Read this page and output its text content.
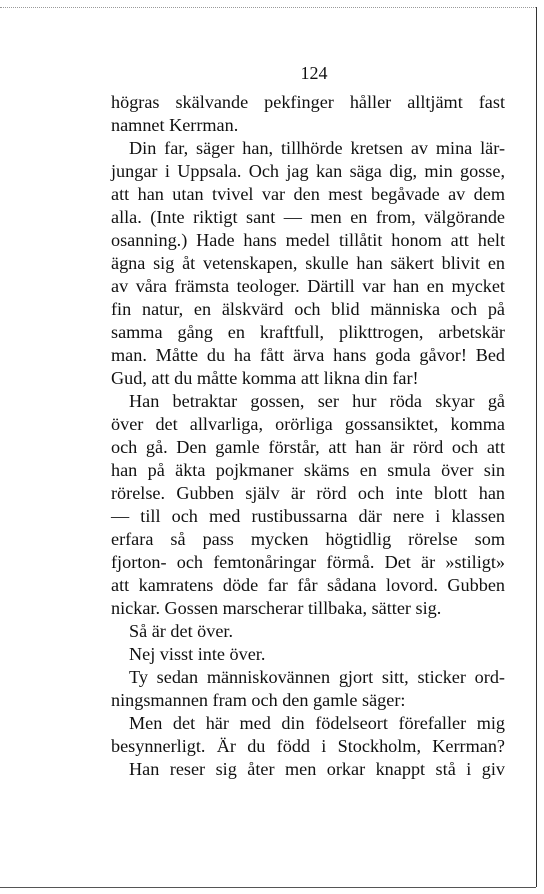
124
högras skälvande pekfinger håller alltjämt fast
namnet Kerrman.
Din far, säger han, tillhörde kretsen av mina lär-
jungar i Uppsala. Och jag kan säga dig, min gosse,
att han utan tvivel var den mest begåvade av dem
alla. (Inte riktigt sant — men en from, välgörande
osanning.) Hade hans medel tillåtit honom att helt
ägna sig åt vetenskapen, skulle han säkert blivit en
av våra främsta teologer. Därtill var han en mycket
fin natur, en älskvärd och blid människa och på
samma gång en kraftfull, plikttrogen, arbetskär
man. Måtte du ha fått ärva hans goda gåvor! Bed
Gud, att du måtte komma att likna din far!
Han betraktar gossen, ser hur röda skyar gå
över det allvarliga, orörliga gossansiktet, komma
och gå. Den gamle förstår, att han är rörd och att
han på äkta pojkmaner skäms en smula över sin
rörelse. Gubben själv är rörd och inte blott han
— till och med rustibussarna där nere i klassen
erfara så pass mycken högtidlig rörelse som
fjorton- och femtonåringar förmå. Det är »stiligt»
att kamratens döde far får sådana lovord. Gubben
nickar. Gossen marscherar tillbaka, sätter sig.
Så är det över.
Nej visst inte över.
Ty sedan människovännen gjort sitt, sticker ord-
ningsmannen fram och den gamle säger:
Men det här med din födelseort förefaller mig
besynnerligt. Är du född i Stockholm, Kerrman?
Han reser sig åter men orkar knappt stå i giv
